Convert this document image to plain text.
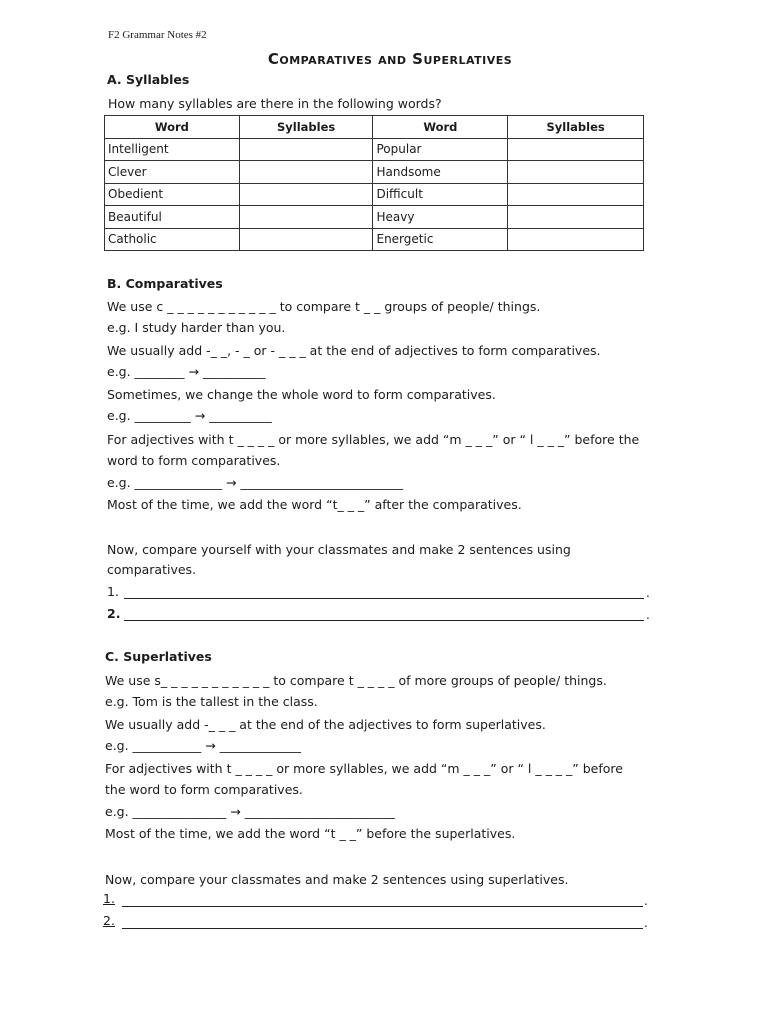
F2 Grammar Notes #2
Comparatives and Superlatives
A. Syllables
How many syllables are there in the following words?
Word	Syllables	Word	Syllables
Intelligent		Popular	
Clever		Handsome	
Obedient		Difficult	
Beautiful		Heavy	
Catholic		Energetic	
B. Comparatives
We use c _ _ _ _ _ _ _ _ _ _ _ to compare t _ _ groups of people/ things.
e.g. I study harder than you.
We usually add -_ _, - _ or - _ _ _ at the end of adjectives to form comparatives.
e.g. ________ → __________
Sometimes, we change the whole word to form comparatives.
e.g. _________ → __________
For adjectives with t _ _ _ _ or more syllables, we add “m _ _ _” or “ l _ _ _” before the
word to form comparatives.
e.g. ______________ → __________________________
Most of the time, we add the word “t_ _ _” after the comparatives.
Now, compare yourself with your classmates and make 2 sentences using
comparatives.
1.	.
2.	.
C. Superlatives
We use s_ _ _ _ _ _ _ _ _ _ _ to compare t _ _ _ _ of more groups of people/ things.
e.g. Tom is the tallest in the class.
We usually add -_ _ _ at the end of the adjectives to form superlatives.
e.g. ___________ → _____________
For adjectives with t _ _ _ _ or more syllables, we add “m _ _ _” or “ l _ _ _ _” before
the word to form comparatives.
e.g. _______________ → ________________________
Most of the time, we add the word “t _ _” before the superlatives.
Now, compare your classmates and make 2 sentences using superlatives.
1.	.
2.	.
